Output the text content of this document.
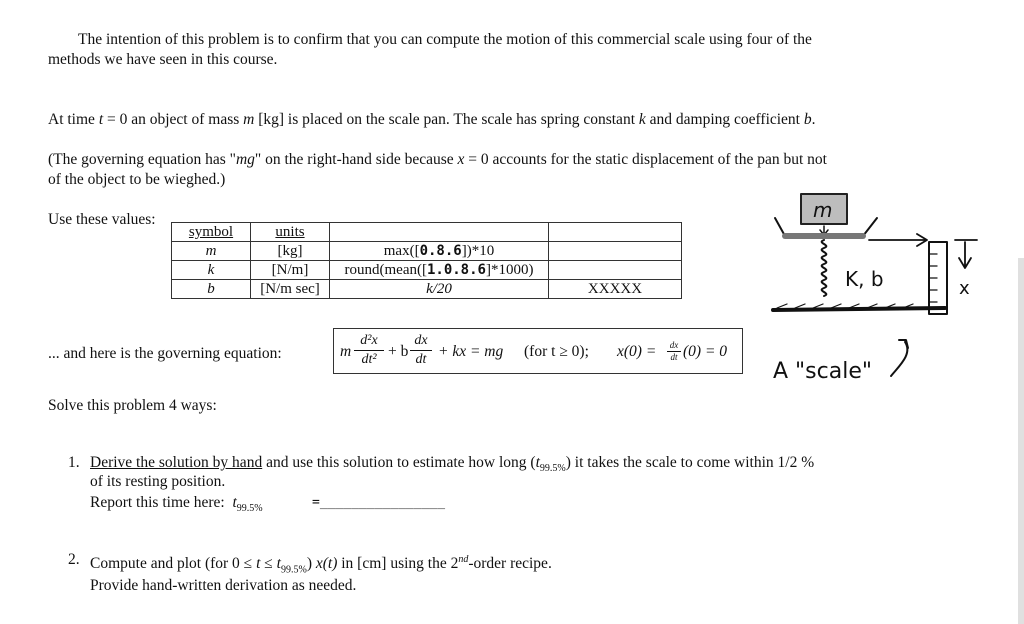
The intention of this problem is to confirm that you can compute the motion of this commercial scale using four of the
methods we have seen in this course.
At time t = 0 an object of mass m [kg] is placed on the scale pan. The scale has spring constant k and damping coefficient b.
(The governing equation has "mg" on the right-hand side because x = 0 accounts for the static displacement of the pan but not
of the object to be wieghed.)
Use these values:
symbol	units		
m	[kg]	max([0.8.6])*10	
k	[N/m]	round(mean([1.0.8.6]*1000)	
b	[N/m sec]	k/20	XXXXX
... and here is the governing equation:	m
d²x
dt² + b
dx
dt + kx = mg (for t ≥ 0); x(0) =	dx
dt (0) = 0
m
K, b	x
A "scale"
Solve this problem 4 ways:
1. Derive the solution by hand and use this solution to estimate how long $(t_{99.5\%})$ it takes the scale to come within 1/2 %
of its resting position.
Report this time here: $t_{99.5\%}$	=________________
2. Compute and plot (for $0 \le t \le t_{99.5\%}$) x(t) in [cm] using the 2nd-order recipe.
Provide hand-written derivation as needed.
